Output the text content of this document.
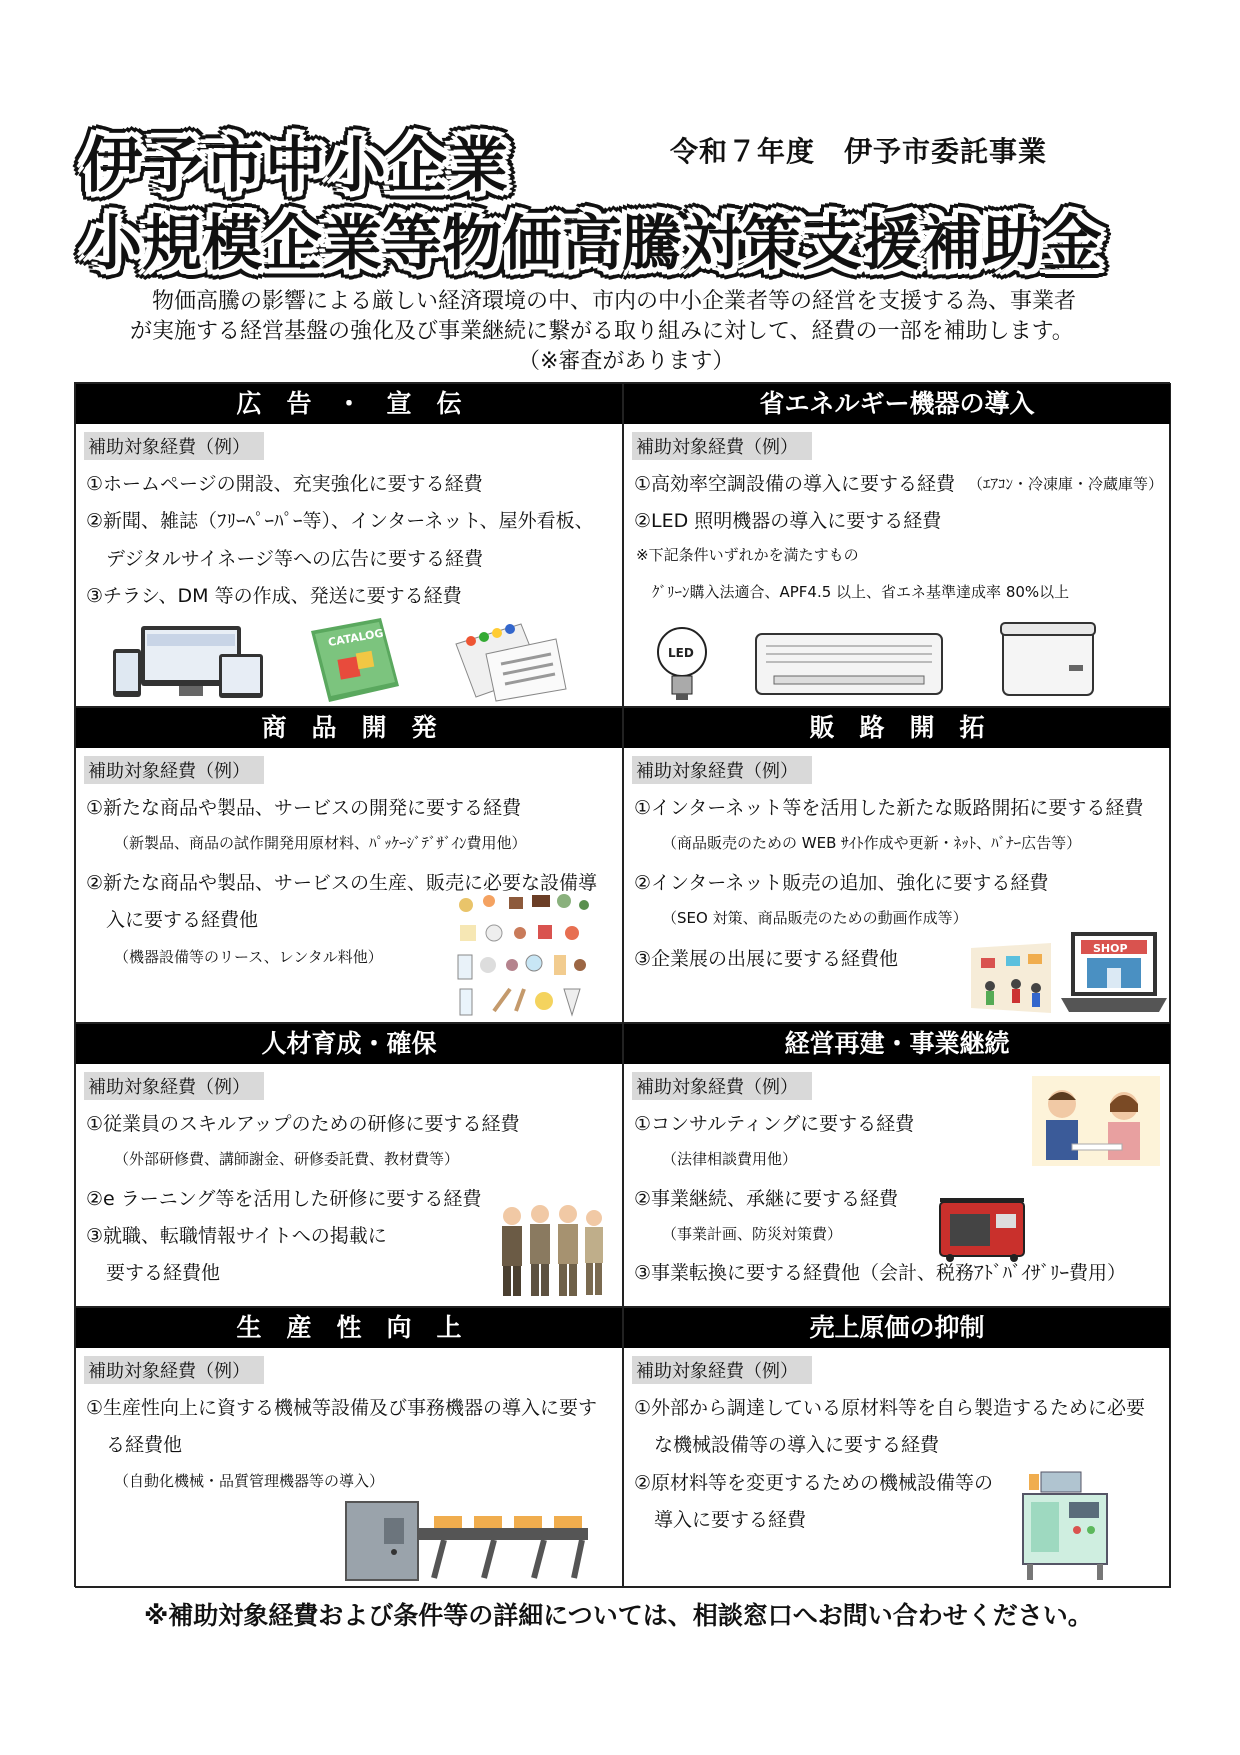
伊予市中小企業
小規模企業等物価高騰対策支援補助金
令和７年度　伊予市委託事業
物価高騰の影響による厳しい経済環境の中、市内の中小企業者等の経営を支援する為、事業者
が実施する経営基盤の強化及び事業継続に繋がる取り組みに対して、経費の一部を補助します。
（※審査があります）
広　告　・　宣　伝
補助対象経費（例）
①ホームページの開設、充実強化に要する経費
②新聞、雑誌（ﾌﾘｰﾍﾟｰﾊﾟｰ等）、インターネット、屋外看板、
デジタルサイネージ等への広告に要する経費
③チラシ、DM 等の作成、発送に要する経費
CATALOG
省エネルギー機器の導入
補助対象経費（例）
①高効率空調設備の導入に要する経費 （ｴｱｺﾝ・冷凍庫・冷蔵庫等）
②LED 照明機器の導入に要する経費
※下記条件いずれかを満たすもの
ｸﾞﾘｰﾝ購入法適合、APF4.5 以上、省エネ基準達成率 80%以上
LED
商　品　開　発
補助対象経費（例）
①新たな商品や製品、サービスの開発に要する経費
（新製品、商品の試作開発用原材料、ﾊﾟｯｹｰｼﾞﾃﾞｻﾞｲﾝ費用他）
②新たな商品や製品、サービスの生産、販売に必要な設備導
入に要する経費他
（機器設備等のリース、レンタル料他）
販　路　開　拓
補助対象経費（例）
①インターネット等を活用した新たな販路開拓に要する経費
（商品販売のための WEB ｻｲﾄ作成や更新・ﾈｯﾄ、ﾊﾞﾅｰ広告等）
②インターネット販売の追加、強化に要する経費
（SEO 対策、商品販売のための動画作成等）
③企業展の出展に要する経費他	SHOP
人材育成・確保
補助対象経費（例）
①従業員のスキルアップのための研修に要する経費
（外部研修費、講師謝金、研修委託費、教材費等）
②e ラーニング等を活用した研修に要する経費
③就職、転職情報サイトへの掲載に
要する経費他
経営再建・事業継続
補助対象経費（例）
①コンサルティングに要する経費
（法律相談費用他）
②事業継続、承継に要する経費
（事業計画、防災対策費）
③事業転換に要する経費他（会計、税務ｱﾄﾞﾊﾞｲｻﾞﾘｰ費用）
生　産　性　向　上
補助対象経費（例）
①生産性向上に資する機械等設備及び事務機器の導入に要す
る経費他
（自動化機械・品質管理機器等の導入）
売上原価の抑制
補助対象経費（例）
①外部から調達している原材料等を自ら製造するために必要
な機械設備等の導入に要する経費
②原材料等を変更するための機械設備等の
導入に要する経費
※補助対象経費および条件等の詳細については、相談窓口へお問い合わせください。
